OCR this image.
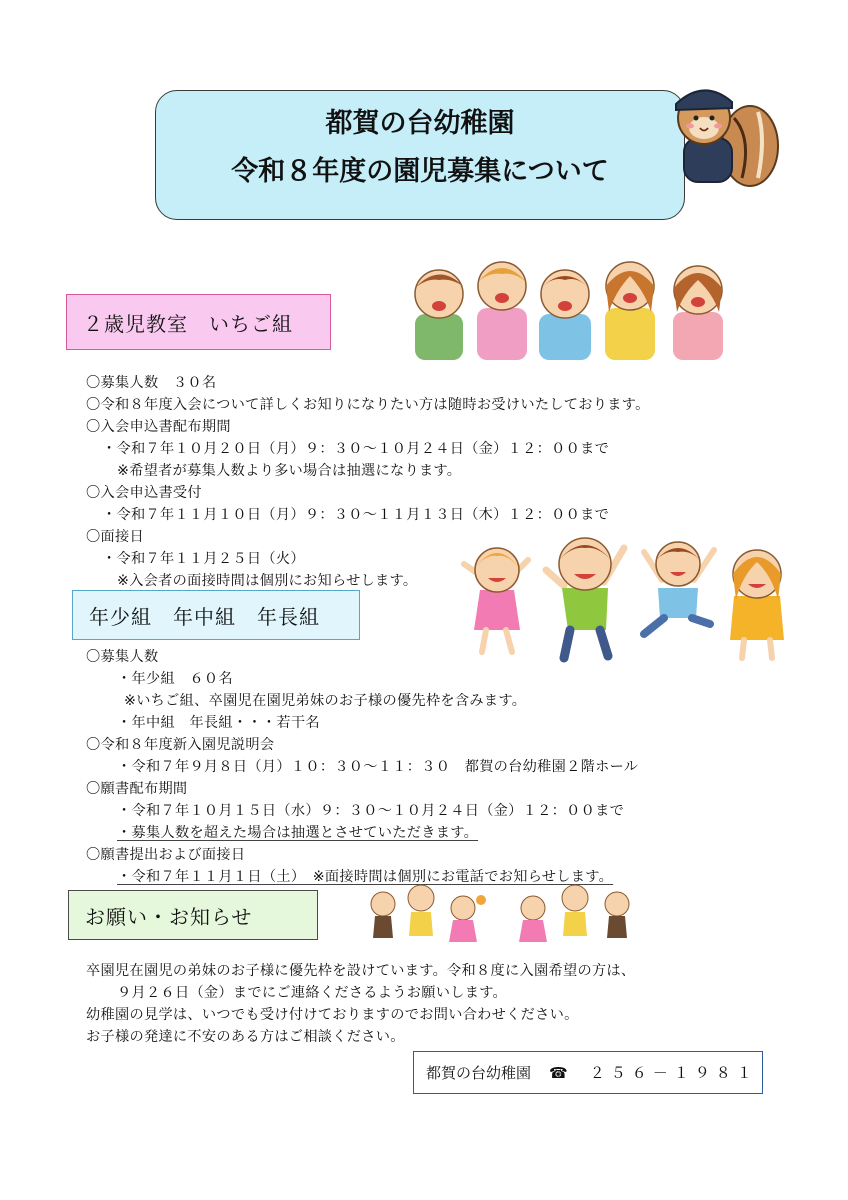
都賀の台幼稚園
令和８年度の園児募集について
２歳児教室　いちご組
〇募集人数　３０名
〇令和８年度入会について詳しくお知りになりたい方は随時お受けいたしております。
〇入会申込書配布期間
・令和７年１０月２０日（月）９：３０～１０月２４日（金）１２：００まで
※希望者が募集人数より多い場合は抽選になります。
〇入会申込書受付
・令和７年１１月１０日（月）９：３０～１１月１３日（木）１２：００まで
〇面接日
・令和７年１１月２５日（火）
※入会者の面接時間は個別にお知らせします。
年少組　年中組　年長組
〇募集人数
・年少組　６０名
※いちご組、卒園児在園児弟妹のお子様の優先枠を含みます。
・年中組　年長組・・・若干名
〇令和８年度新入園児説明会
・令和７年９月８日（月）１０：３０～１１：３０　都賀の台幼稚園２階ホール
〇願書配布期間
・令和７年１０月１５日（水）９：３０～１０月２４日（金）１２：００まで
・募集人数を超えた場合は抽選とさせていただきます。
〇願書提出および面接日
・令和７年１１月１日（土）　※面接時間は個別にお電話でお知らせします。
お願い・お知らせ
卒園児在園児の弟妹のお子様に優先枠を設けています。令和８度に入園希望の方は、
９月２６日（金）までにご連絡くださるようお願いします。
幼稚園の見学は、いつでも受け付けておりますのでお問い合わせください。
お子様の発達に不安のある方はご相談ください。
都賀の台幼稚園 ☎ ２５６－１９８１
